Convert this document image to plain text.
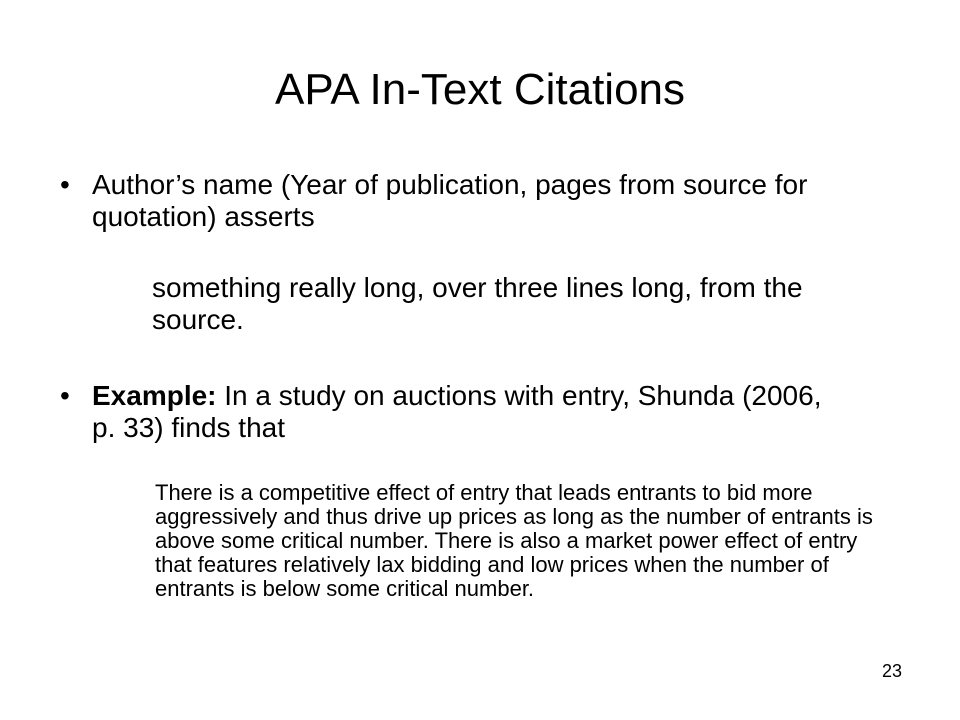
APA In-Text Citations
• Author’s name (Year of publication, pages from source for quotation) asserts
something really long, over three lines long, from the source.
• Example: In a study on auctions with entry, Shunda (2006, p. 33) finds that
There is a competitive effect of entry that leads entrants to bid more aggressively and thus drive up prices as long as the number of entrants is above some critical number. There is also a market power effect of entry that features relatively lax bidding and low prices when the number of entrants is below some critical number.
23
